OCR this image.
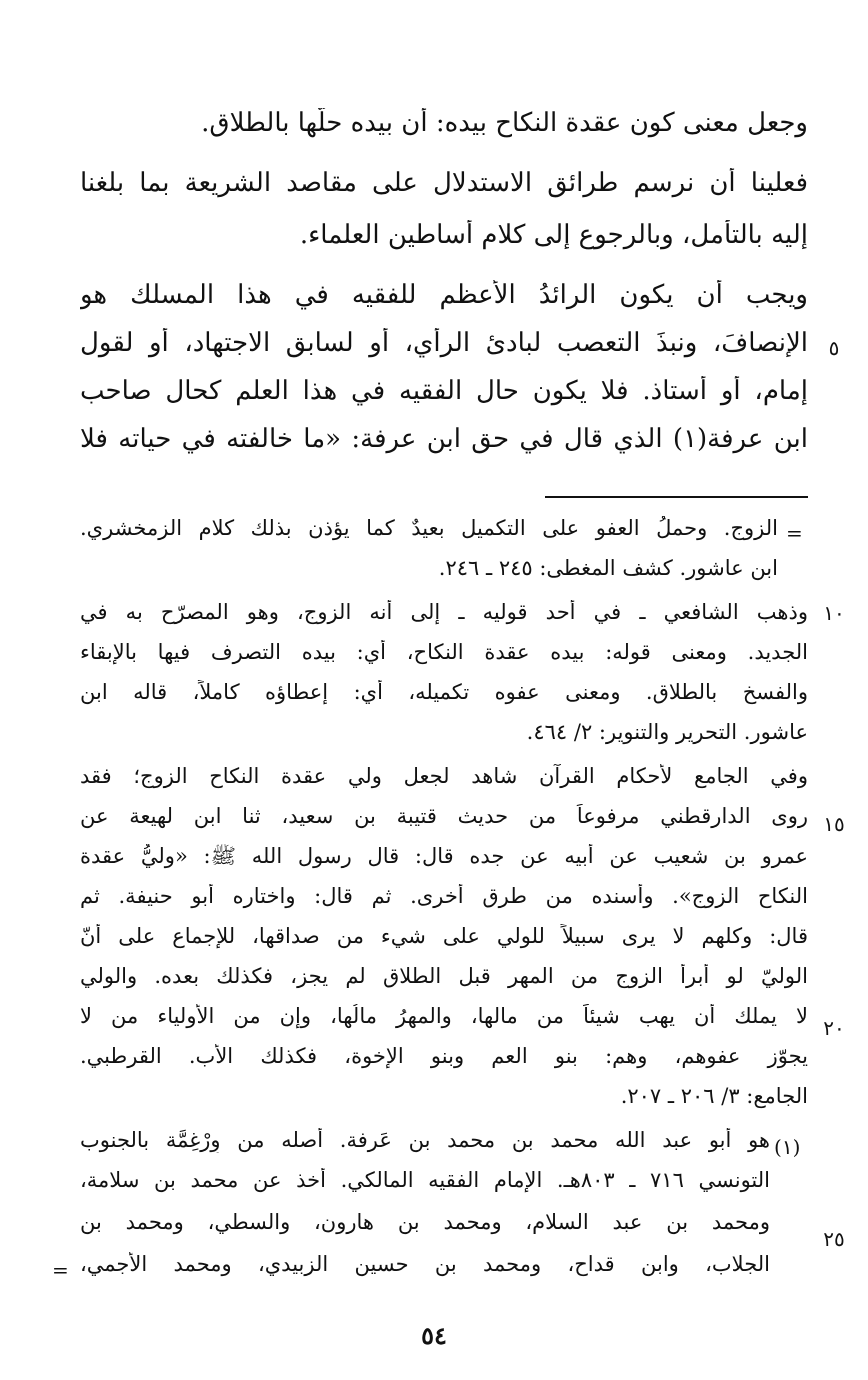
وجعل معنى كون عقدة النكاح بيده: أن بيده حلّها بالطلاق.
فعلينا أن نرسم طرائق الاستدلال على مقاصد الشريعة بما بلغنا
إليه بالتأمل، وبالرجوع إلى كلام أساطين العلماء.
ويجب أن يكون الرائدُ الأعظم للفقيه في هذا المسلك هو
الإنصافَ، ونبذَ التعصب لبادئ الرأي، أو لسابق الاجتهاد، أو لقول	٥
إمام، أو أستاذ. فلا يكون حال الفقيه في هذا العلم كحال صاحب
ابن عرفة(١) الذي قال في حق ابن عرفة: «ما خالفته في حياته فلا
=
الزوج. وحملُ العفو على التكميل بعيدٌ كما يؤذن بذلك كلام الزمخشري.
ابن عاشور. كشف المغطى: ٢٤٥ ـ ٢٤٦.
وذهب الشافعي ـ في أحد قوليه ـ إلى أنه الزوج، وهو المصرّح به في ١٠
الجديد. ومعنى قوله: بيده عقدة النكاح، أي: بيده التصرف فيها بالإبقاء
والفسخ بالطلاق. ومعنى عفوه تكميله، أي: إعطاؤه كاملاً، قاله ابن
عاشور. التحرير والتنوير: ٢/ ٤٦٤.
وفي الجامع لأحكام القرآن شاهد لجعل ولي عقدة النكاح الزوج؛ فقد
روى الدارقطني مرفوعاً من حديث قتيبة بن سعيد، ثنا ابن لهيعة عن ١٥
عمرو بن شعيب عن أبيه عن جده قال: قال رسول الله ﷺ: «وليُّ عقدة
النكاح الزوج». وأسنده من طرق أخرى. ثم قال: واختاره أبو حنيفة. ثم
قال: وكلهم لا يرى سبيلاً للولي على شيء من صداقها، للإجماع على أنّ
الوليّ لو أبرأ الزوج من المهر قبل الطلاق لم يجز، فكذلك بعده. والولي
لا يملك أن يهب شيئاً من مالها، والمهرُ مالُها، وإن من الأولياء من لا ٢٠
يجوّز عفوهم، وهم: بنو العم وبنو الإخوة، فكذلك الأب. القرطبي.
الجامع: ٣/ ٢٠٦ ـ ٢٠٧.
(١)
هو أبو عبد الله محمد بن محمد بن عَرفة. أصله من وِرْغِمَّة بالجنوب
التونسي ٧١٦ ـ ٨٠٣هـ. الإمام الفقيه المالكي. أخذ عن محمد بن سلامة،
ومحمد بن عبد السلام، ومحمد بن هارون، والسطي، ومحمد بن
٢٥
الجلاب، وابن قداح، ومحمد بن حسين الزبيدي، ومحمد الأجمي،
=
٥٤
